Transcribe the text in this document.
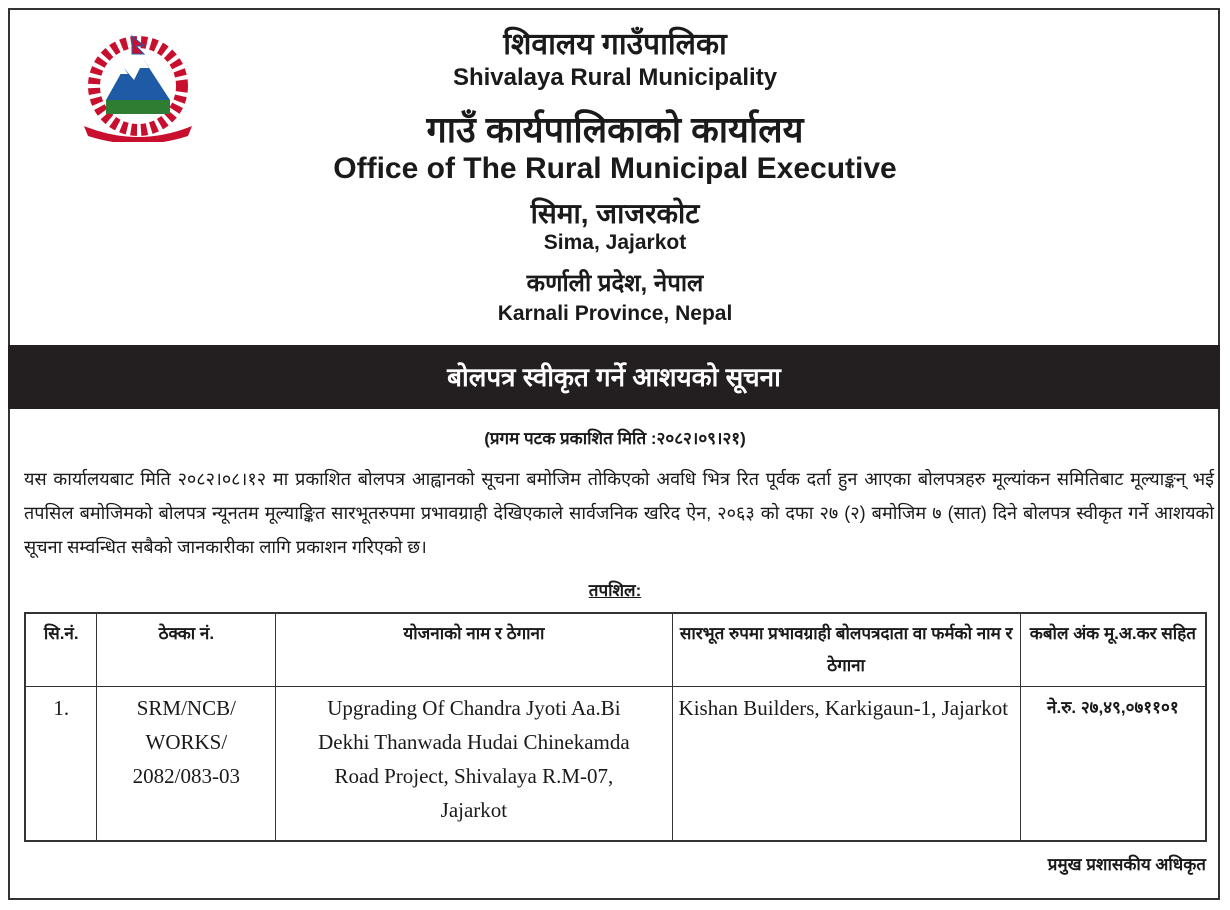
शिवालय गाउँपालिका
Shivalaya Rural Municipality
गाउँ कार्यपालिकाको कार्यालय
Office of The Rural Municipal Executive
सिमा, जाजरकोट
Sima, Jajarkot
कर्णाली प्रदेश, नेपाल
Karnali Province, Nepal
बोलपत्र स्वीकृत गर्ने आशयको सूचना
(प्रगम पटक प्रकाशित मिति :२०८२।०९।२१)
यस कार्यालयबाट मिति २०८२।०८।१२ मा प्रकाशित बोलपत्र आह्वानको सूचना बमोजिम तोकिएको अवधि भित्र रित पूर्वक दर्ता हुन आएका बोलपत्रहरु मूल्यांकन समितिबाट मूल्याङ्कन् भई तपसिल बमोजिमको बोलपत्र न्यूनतम मूल्याङ्कित सारभूतरुपमा प्रभावग्राही देखिएकाले सार्वजनिक खरिद ऐन, २०६३ को दफा २७ (२) बमोजिम ७ (सात) दिने बोलपत्र स्वीकृत गर्ने आशयको सूचना सम्वन्धित सबैको जानकारीका लागि प्रकाशन गरिएको छ।
तपशिल:
सि.नं.	ठेक्का नं.	योजनाको नाम र ठेगाना	सारभूत रुपमा प्रभावग्राही बोलपत्रदाता वा फर्मको नाम र ठेगाना	कबोल अंक मू.अ.कर सहित
1.	SRM/NCB/ WORKS/ 2082/083-03	Upgrading Of Chandra Jyoti Aa.Bi Dekhi Thanwada Hudai Chinekamda Road Project, Shivalaya R.M-07, Jajarkot	Kishan Builders, Karkigaun-1, Jajarkot	ने.रु. २७,४९,०७११०१
प्रमुख प्रशासकीय अधिकृत
